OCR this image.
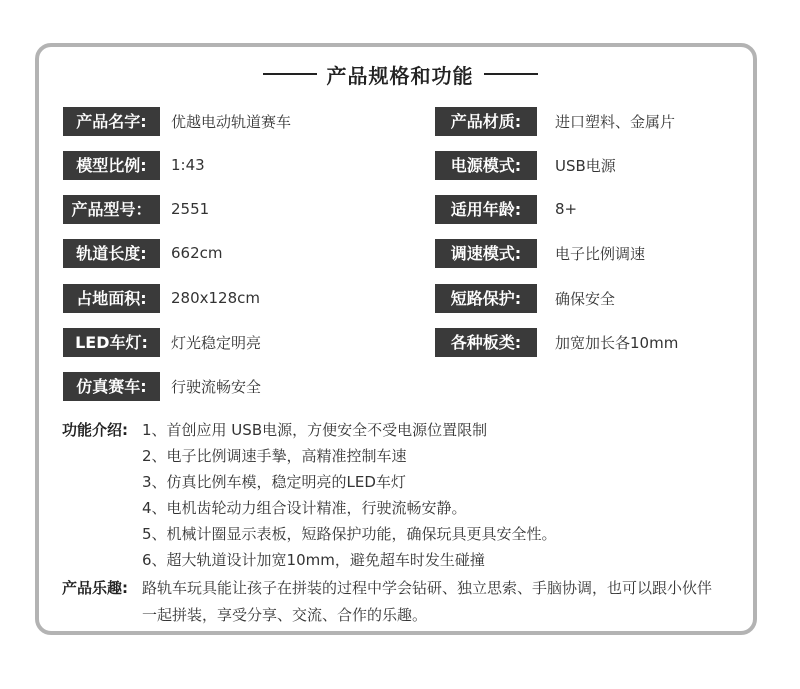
产品规格和功能
产品名字:	优越电动轨道赛车
模型比例:	1:43
产品型号：	2551
轨道长度:	662cm
占地面积:	280x128cm
LED车灯:	灯光稳定明亮
仿真赛车:	行驶流畅安全
产品材质:	进口塑料、金属片
电源模式:	USB电源
适用年龄:	8+
调速模式:	电子比例调速
短路保护:	确保安全
各种板类:	加宽加长各10mm
功能介绍: 1、首创应用 USB电源，方便安全不受电源位置限制
2、电子比例调速手摯，高精准控制车速
3、仿真比例车模，稳定明亮的LED车灯
4、电机齿轮动力组合设计精准，行驶流畅安静。
5、机械计圈显示表板，短路保护功能，确保玩具更具安全性。
6、超大轨道设计加宽10mm，避免超车时发生碰撞
产品乐趣: 路轨车玩具能让孩子在拼装的过程中学会钻研、独立思索、手脑协调，也可以跟小伙伴一起拼装，享受分享、交流、合作的乐趣。
